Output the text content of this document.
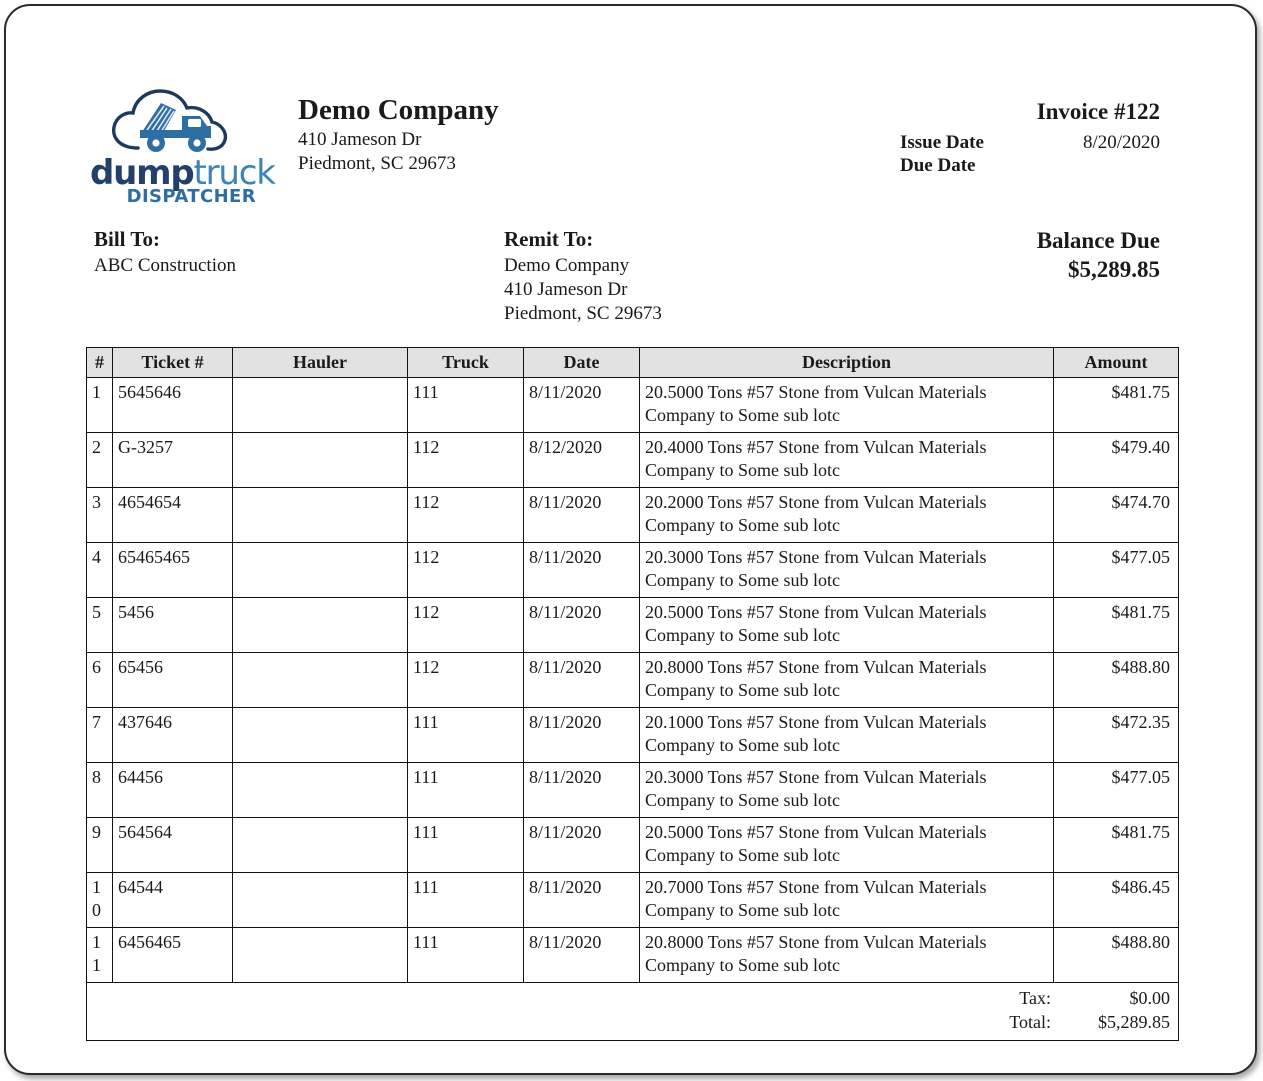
dumptruck
DISPATCHER
Demo Company
410 Jameson Dr
Piedmont, SC 29673
Invoice #122
Issue Date	8/20/2020
Due Date
Bill To:
ABC Construction
Remit To:
Demo Company
410 Jameson Dr
Piedmont, SC 29673
Balance Due
$5,289.85
#	Ticket #	Hauler	Truck	Date	Description	Amount
1	5645646		111	8/11/2020	20.5000 Tons #57 Stone from Vulcan Materials Company to Some sub lotc	$481.75
2	G-3257		112	8/12/2020	20.4000 Tons #57 Stone from Vulcan Materials Company to Some sub lotc	$479.40
3	4654654		112	8/11/2020	20.2000 Tons #57 Stone from Vulcan Materials Company to Some sub lotc	$474.70
4	65465465		112	8/11/2020	20.3000 Tons #57 Stone from Vulcan Materials Company to Some sub lotc	$477.05
5	5456		112	8/11/2020	20.5000 Tons #57 Stone from Vulcan Materials Company to Some sub lotc	$481.75
6	65456		112	8/11/2020	20.8000 Tons #57 Stone from Vulcan Materials Company to Some sub lotc	$488.80
7	437646		111	8/11/2020	20.1000 Tons #57 Stone from Vulcan Materials Company to Some sub lotc	$472.35
8	64456		111	8/11/2020	20.3000 Tons #57 Stone from Vulcan Materials Company to Some sub lotc	$477.05
9	564564		111	8/11/2020	20.5000 Tons #57 Stone from Vulcan Materials Company to Some sub lotc	$481.75
10	64544		111	8/11/2020	20.7000 Tons #57 Stone from Vulcan Materials Company to Some sub lotc	$486.45
11	6456465		111	8/11/2020	20.8000 Tons #57 Stone from Vulcan Materials Company to Some sub lotc	$488.80

Tax: $0.00
Total: $5,289.85						
